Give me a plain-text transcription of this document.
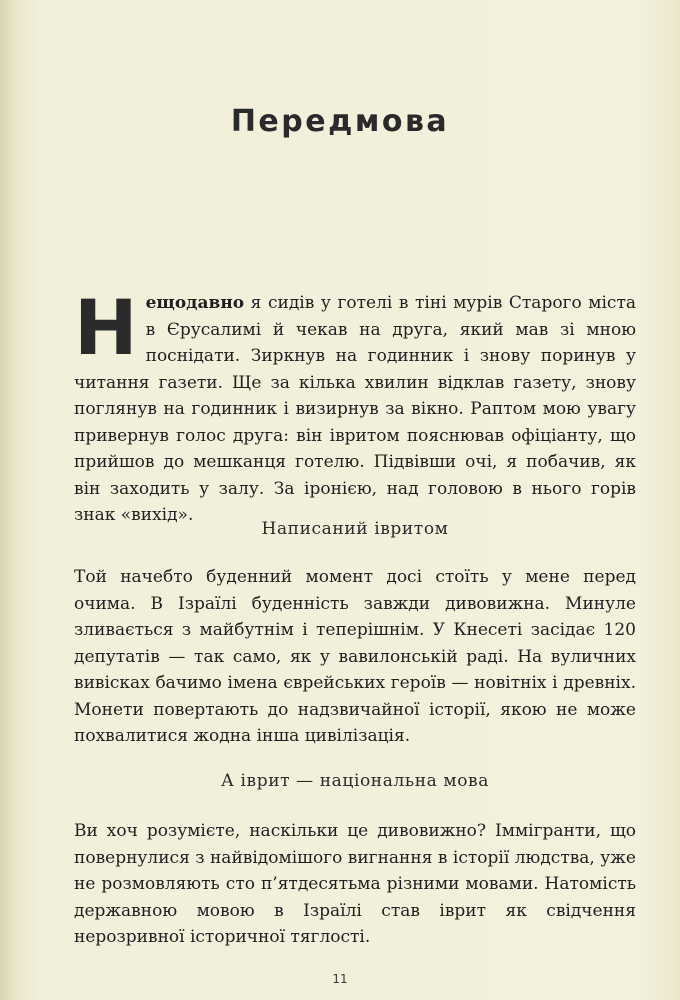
Передмова
Нещодавно я сидів у готелі в тіні мурів Старого міста в Єрусалимі й чекав на друга, який мав зі мною поснідати. Зиркнув на годинник і знову поринув у читання газети. Ще за кілька хвилин відклав газету, знову поглянув на годинник і визирнув за вікно. Раптом мою увагу привернув голос друга: він івритом пояснював офіціанту, що прийшов до мешканця готелю. Підвівши очі, я побачив, як він заходить у залу. За іронією, над головою в нього горів знак «вихід».
Написаний івритом
Той начебто буденний момент досі стоїть у мене перед очима. В Ізраїлі буденність завжди дивовижна. Минуле зливається з майбутнім і теперішнім. У Кнесеті засідає 120 депутатів — так само, як у вавилонській раді. На вуличних вивісках бачимо імена єврейських героїв — новітніх і древніх. Монети повертають до надзвичайної історії, якою не може похвалитися жодна інша цивілізація.
А іврит — національна мова
Ви хоч розумієте, наскільки це дивовижно? Іммігранти, що повернулися з найвідомішого вигнання в історії людства, уже не розмовляють сто п’ятдесятьма різними мовами. Натомість державною мовою в Ізраїлі став іврит як свідчення нерозривної історичної тяглості.
11
